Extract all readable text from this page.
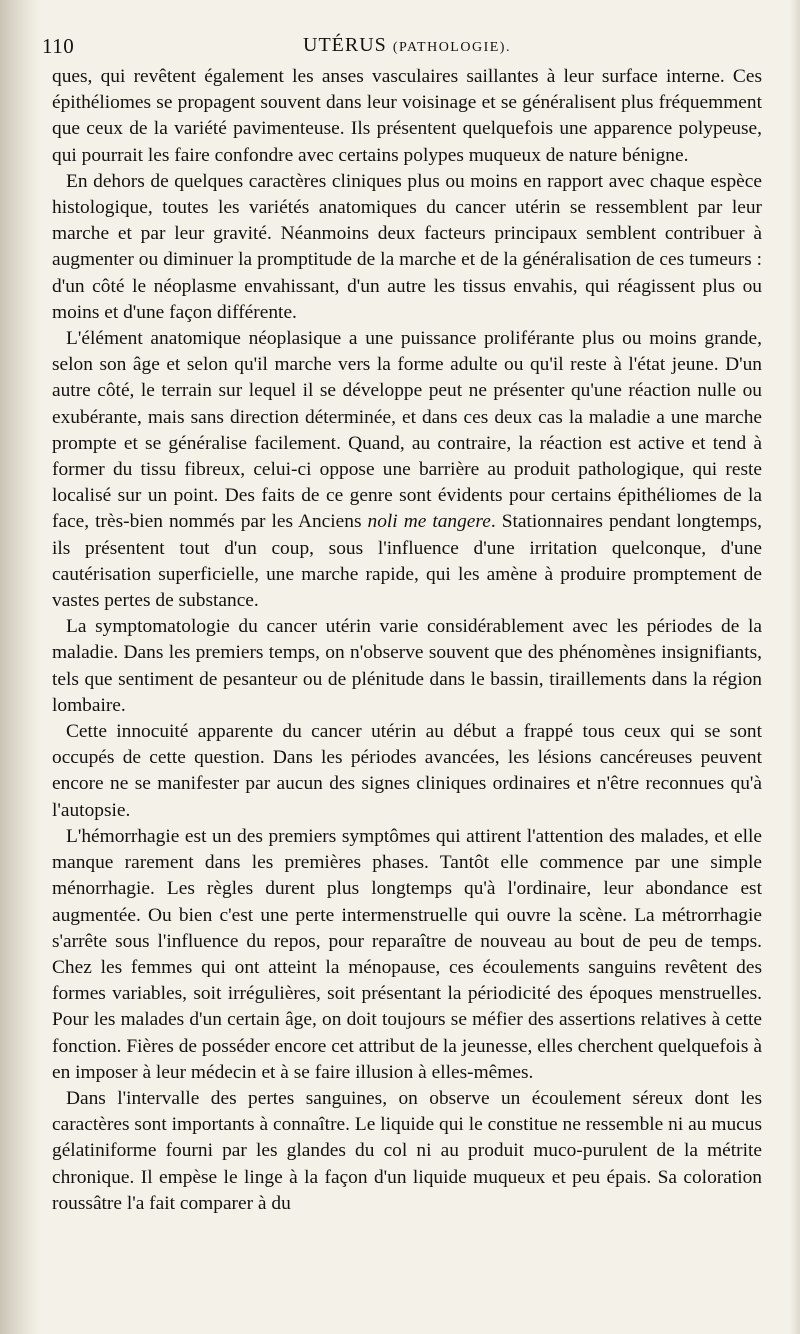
110	UTÉRUS (PATHOLOGIE).

ques, qui revêtent également les anses vasculaires saillantes à leur surface interne. Ces épithéliomes se propagent souvent dans leur voisinage et se généralisent plus fréquemment que ceux de la variété pavimenteuse. Ils présentent quelquefois une apparence polypeuse, qui pourrait les faire confondre avec certains polypes muqueux de nature bénigne.

En dehors de quelques caractères cliniques plus ou moins en rapport avec chaque espèce histologique, toutes les variétés anatomiques du cancer utérin se ressemblent par leur marche et par leur gravité. Néanmoins deux facteurs principaux semblent contribuer à augmenter ou diminuer la promptitude de la marche et de la généralisation de ces tumeurs : d'un côté le néoplasme envahissant, d'un autre les tissus envahis, qui réagissent plus ou moins et d'une façon différente.

L'élément anatomique néoplasique a une puissance proliférante plus ou moins grande, selon son âge et selon qu'il marche vers la forme adulte ou qu'il reste à l'état jeune. D'un autre côté, le terrain sur lequel il se développe peut ne présenter qu'une réaction nulle ou exubérante, mais sans direction déterminée, et dans ces deux cas la maladie a une marche prompte et se généralise facilement. Quand, au contraire, la réaction est active et tend à former du tissu fibreux, celui-ci oppose une barrière au produit pathologique, qui reste localisé sur un point. Des faits de ce genre sont évidents pour certains épithéliomes de la face, très-bien nommés par les Anciens noli me tangere. Stationnaires pendant longtemps, ils présentent tout d'un coup, sous l'influence d'une irritation quelconque, d'une cautérisation superficielle, une marche rapide, qui les amène à produire promptement de vastes pertes de substance.

La symptomatologie du cancer utérin varie considérablement avec les périodes de la maladie. Dans les premiers temps, on n'observe souvent que des phénomènes insignifiants, tels que sentiment de pesanteur ou de plénitude dans le bassin, tiraillements dans la région lombaire.

Cette innocuité apparente du cancer utérin au début a frappé tous ceux qui se sont occupés de cette question. Dans les périodes avancées, les lésions cancéreuses peuvent encore ne se manifester par aucun des signes cliniques ordinaires et n'être reconnues qu'à l'autopsie.

L'hémorrhagie est un des premiers symptômes qui attirent l'attention des malades, et elle manque rarement dans les premières phases. Tantôt elle commence par une simple ménorrhagie. Les règles durent plus longtemps qu'à l'ordinaire, leur abondance est augmentée. Ou bien c'est une perte intermenstruelle qui ouvre la scène. La métrorrhagie s'arrête sous l'influence du repos, pour reparaître de nouveau au bout de peu de temps. Chez les femmes qui ont atteint la ménopause, ces écoulements sanguins revêtent des formes variables, soit irrégulières, soit présentant la périodicité des époques menstruelles. Pour les malades d'un certain âge, on doit toujours se méfier des assertions relatives à cette fonction. Fières de posséder encore cet attribut de la jeunesse, elles cherchent quelquefois à en imposer à leur médecin et à se faire illusion à elles-mêmes.

Dans l'intervalle des pertes sanguines, on observe un écoulement séreux dont les caractères sont importants à connaître. Le liquide qui le constitue ne ressemble ni au mucus gélatiniforme fourni par les glandes du col ni au produit muco-purulent de la métrite chronique. Il empèse le linge à la façon d'un liquide muqueux et peu épais. Sa coloration roussâtre l'a fait comparer à du
